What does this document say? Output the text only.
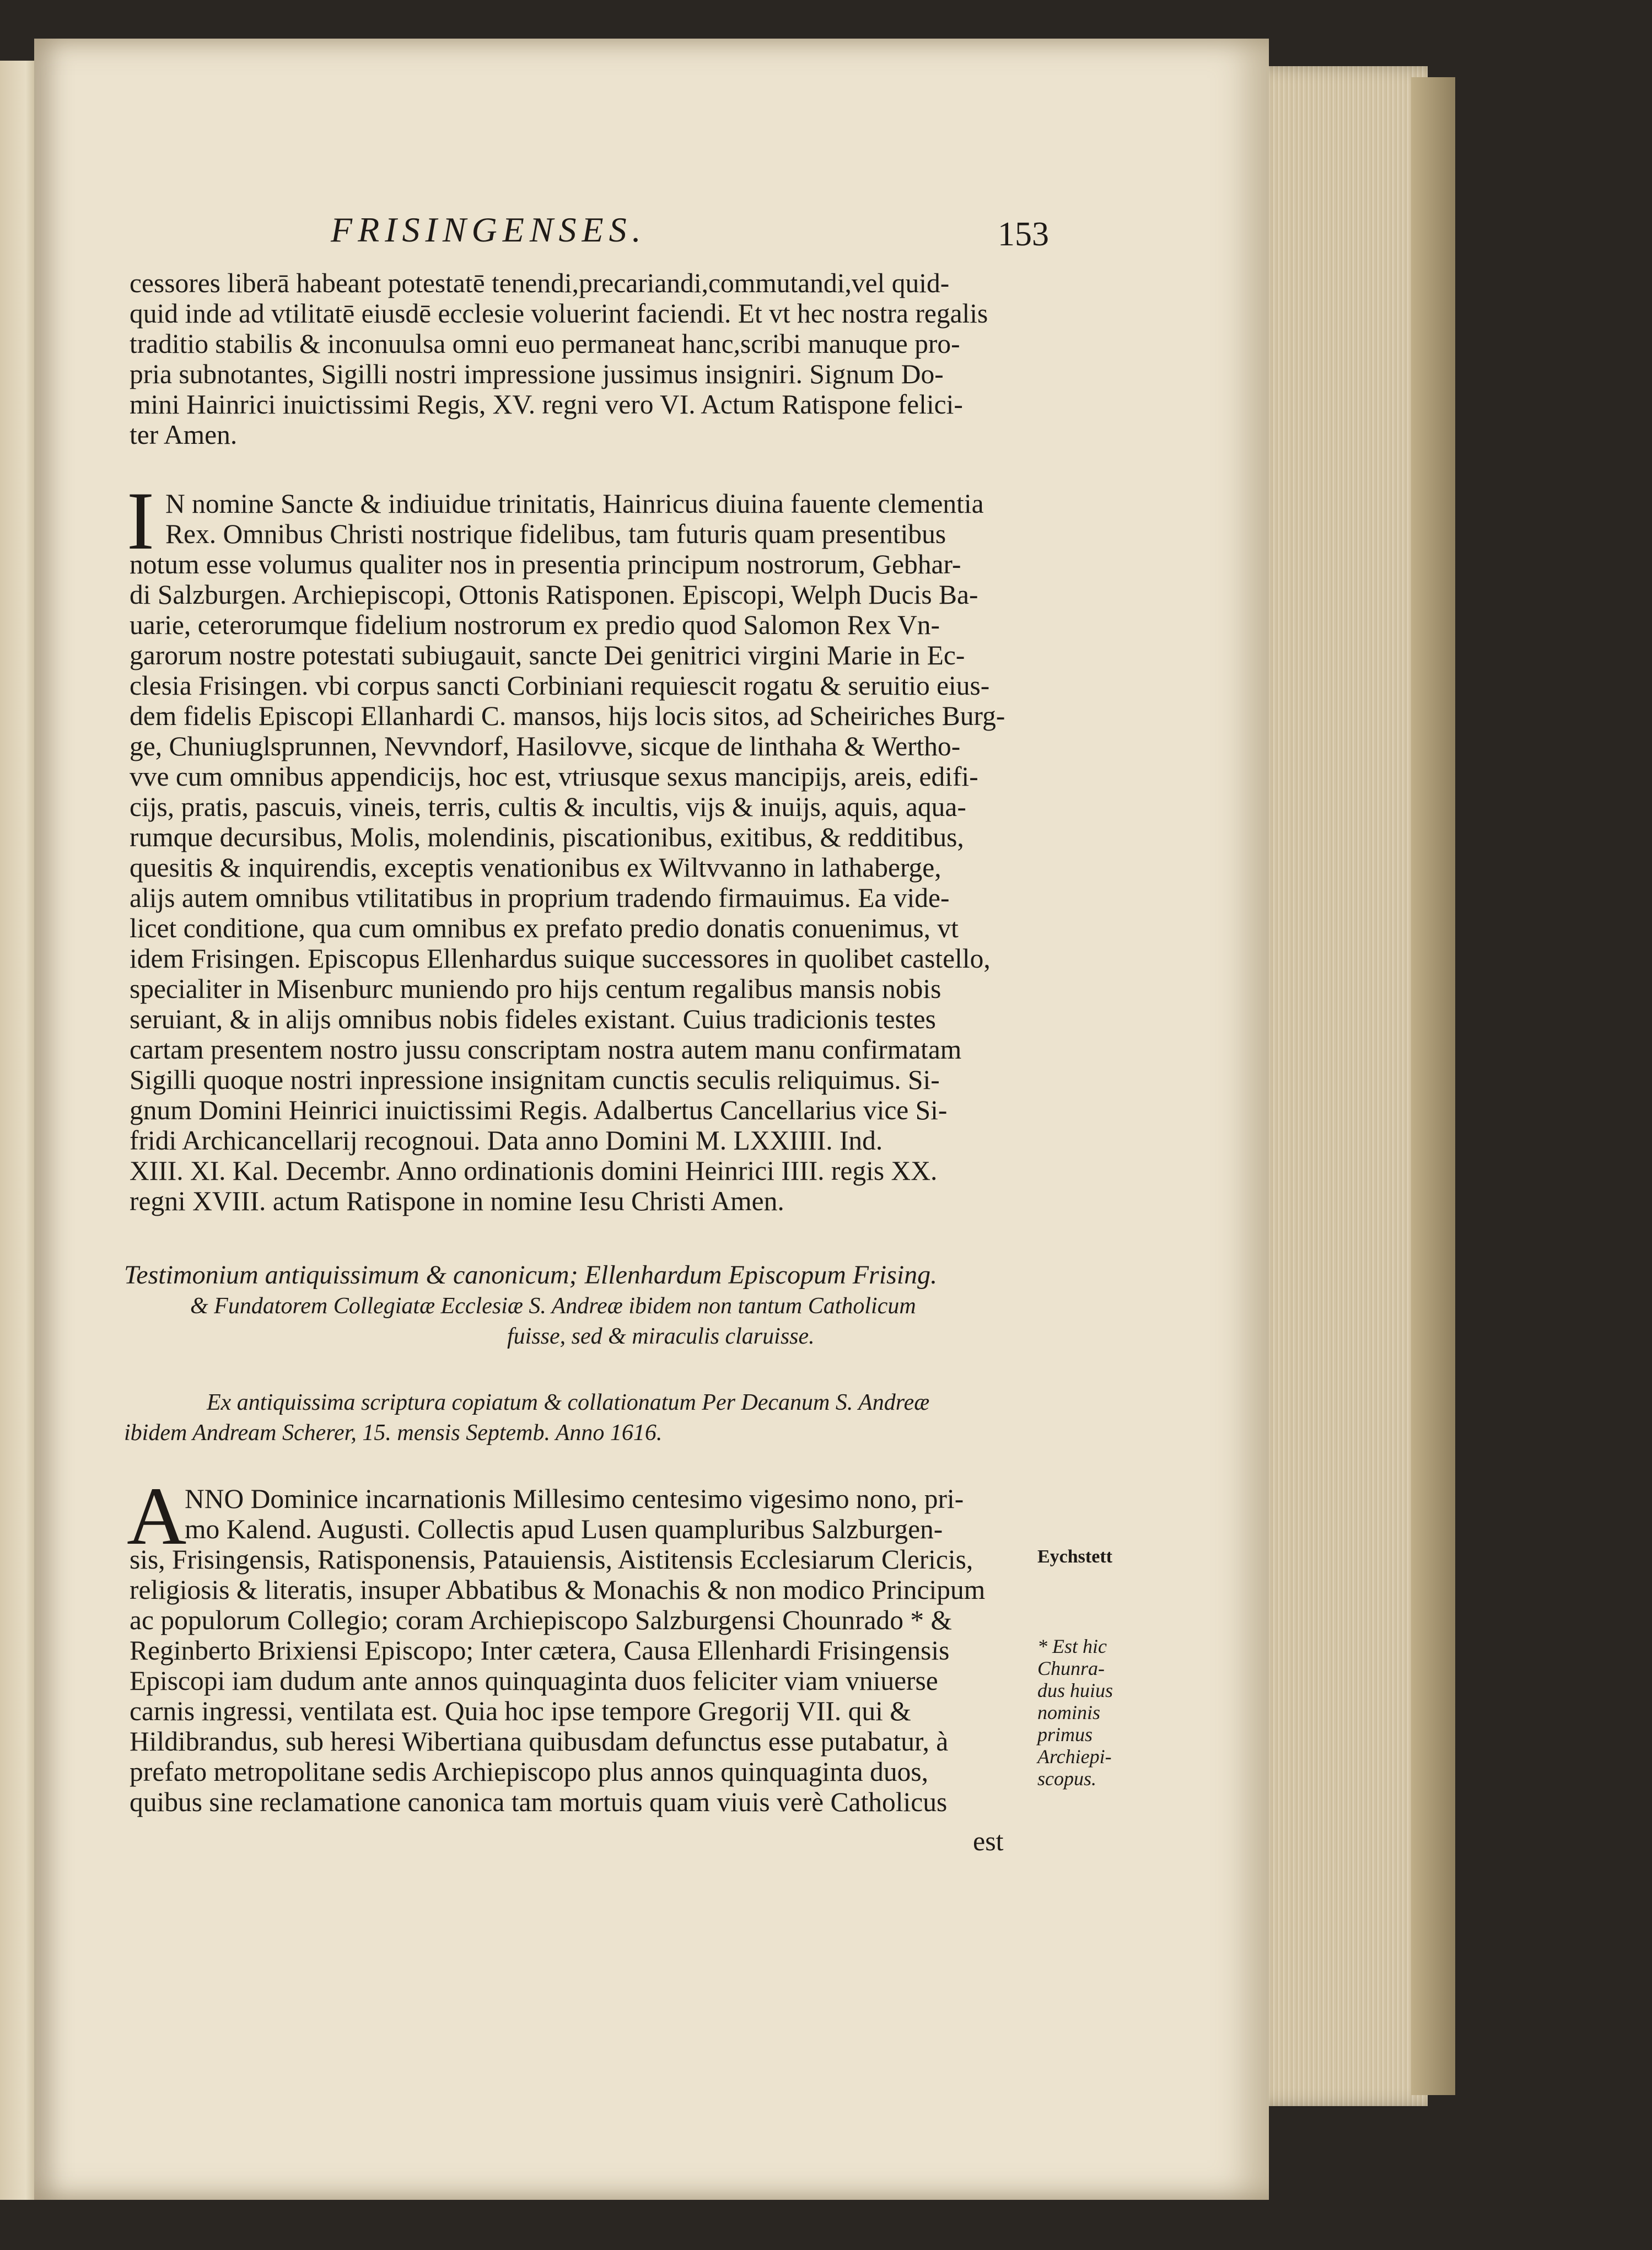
FRISINGENSES.	153
cessores liberā habeant potestatē tenendi,precariandi,commutandi,vel quid-
quid inde ad vtilitatē eiusdē ecclesie voluerint faciendi. Et vt hec nostra regalis
traditio stabilis & inconuulsa omni euo permaneat hanc,scribi manuque pro-
pria subnotantes, Sigilli nostri impressione jussimus insigniri. Signum Do-
mini Hainrici inuictissimi Regis, XV. regni vero VI. Actum Ratispone felici-
ter Amen.
I N nomine Sancte & indiuidue trinitatis, Hainricus diuina fauente clementia
Rex. Omnibus Christi nostrique fidelibus, tam futuris quam presentibus
notum esse volumus qualiter nos in presentia principum nostrorum, Gebhar-
di Salzburgen. Archiepiscopi, Ottonis Ratisponen. Episcopi, Welph Ducis Ba-
uarie, ceterorumque fidelium nostrorum ex predio quod Salomon Rex Vn-
garorum nostre potestati subiugauit, sancte Dei genitrici virgini Marie in Ec-
clesia Frisingen. vbi corpus sancti Corbiniani requiescit rogatu & seruitio eius-
dem fidelis Episcopi Ellanhardi C. mansos, hijs locis sitos, ad Scheiriches Burg-
ge, Chuniuglsprunnen, Nevvndorf, Hasilovve, sicque de linthaha & Wertho-
vve cum omnibus appendicijs, hoc est, vtriusque sexus mancipijs, areis, edifi-
cijs, pratis, pascuis, vineis, terris, cultis & incultis, vijs & inuijs, aquis, aqua-
rumque decursibus, Molis, molendinis, piscationibus, exitibus, & redditibus,
quesitis & inquirendis, exceptis venationibus ex Wiltvvanno in lathaberge,
alijs autem omnibus vtilitatibus in proprium tradendo firmauimus. Ea vide-
licet conditione, qua cum omnibus ex prefato predio donatis conuenimus, vt
idem Frisingen. Episcopus Ellenhardus suique successores in quolibet castello,
specialiter in Misenburc muniendo pro hijs centum regalibus mansis nobis
seruiant, & in alijs omnibus nobis fideles existant. Cuius tradicionis testes
cartam presentem nostro jussu conscriptam nostra autem manu confirmatam
Sigilli quoque nostri inpressione insignitam cunctis seculis reliquimus. Si-
gnum Domini Heinrici inuictissimi Regis. Adalbertus Cancellarius vice Si-
fridi Archicancellarij recognoui. Data anno Domini M. LXXIIII. Ind.
XIII. XI. Kal. Decembr. Anno ordinationis domini Heinrici IIII. regis XX.
regni XVIII. actum Ratispone in nomine Iesu Christi Amen.
Testimonium antiquissimum & canonicum; Ellenhardum Episcopum Frising.
& Fundatorem Collegiatæ Ecclesiæ S. Andreæ ibidem non tantum Catholicum
fuisse, sed & miraculis claruisse.
Ex antiquissima scriptura copiatum & collationatum Per Decanum S. Andreæ
ibidem Andream Scherer, 15. mensis Septemb. Anno 1616.
A
NNO Dominice incarnationis Millesimo centesimo vigesimo nono, pri-
mo Kalend. Augusti. Collectis apud Lusen quampluribus Salzburgen-
sis, Frisingensis, Ratisponensis, Patauiensis, Aistitensis Ecclesiarum Clericis,
religiosis & literatis, insuper Abbatibus & Monachis & non modico Principum
ac populorum Collegio; coram Archiepiscopo Salzburgensi Chounrado * &
Reginberto Brixiensi Episcopo; Inter cætera, Causa Ellenhardi Frisingensis
Episcopi iam dudum ante annos quinquaginta duos feliciter viam vniuerse
carnis ingressi, ventilata est. Quia hoc ipse tempore Gregorij VII. qui &
Hildibrandus, sub heresi Wibertiana quibusdam defunctus esse putabatur, à
prefato metropolitane sedis Archiepiscopo plus annos quinquaginta duos,
quibus sine reclamatione canonica tam mortuis quam viuis verè Catholicus
est
Eychstett
* Est hic
Chunra-
dus huius
nominis
primus
Archiepi-
scopus.
